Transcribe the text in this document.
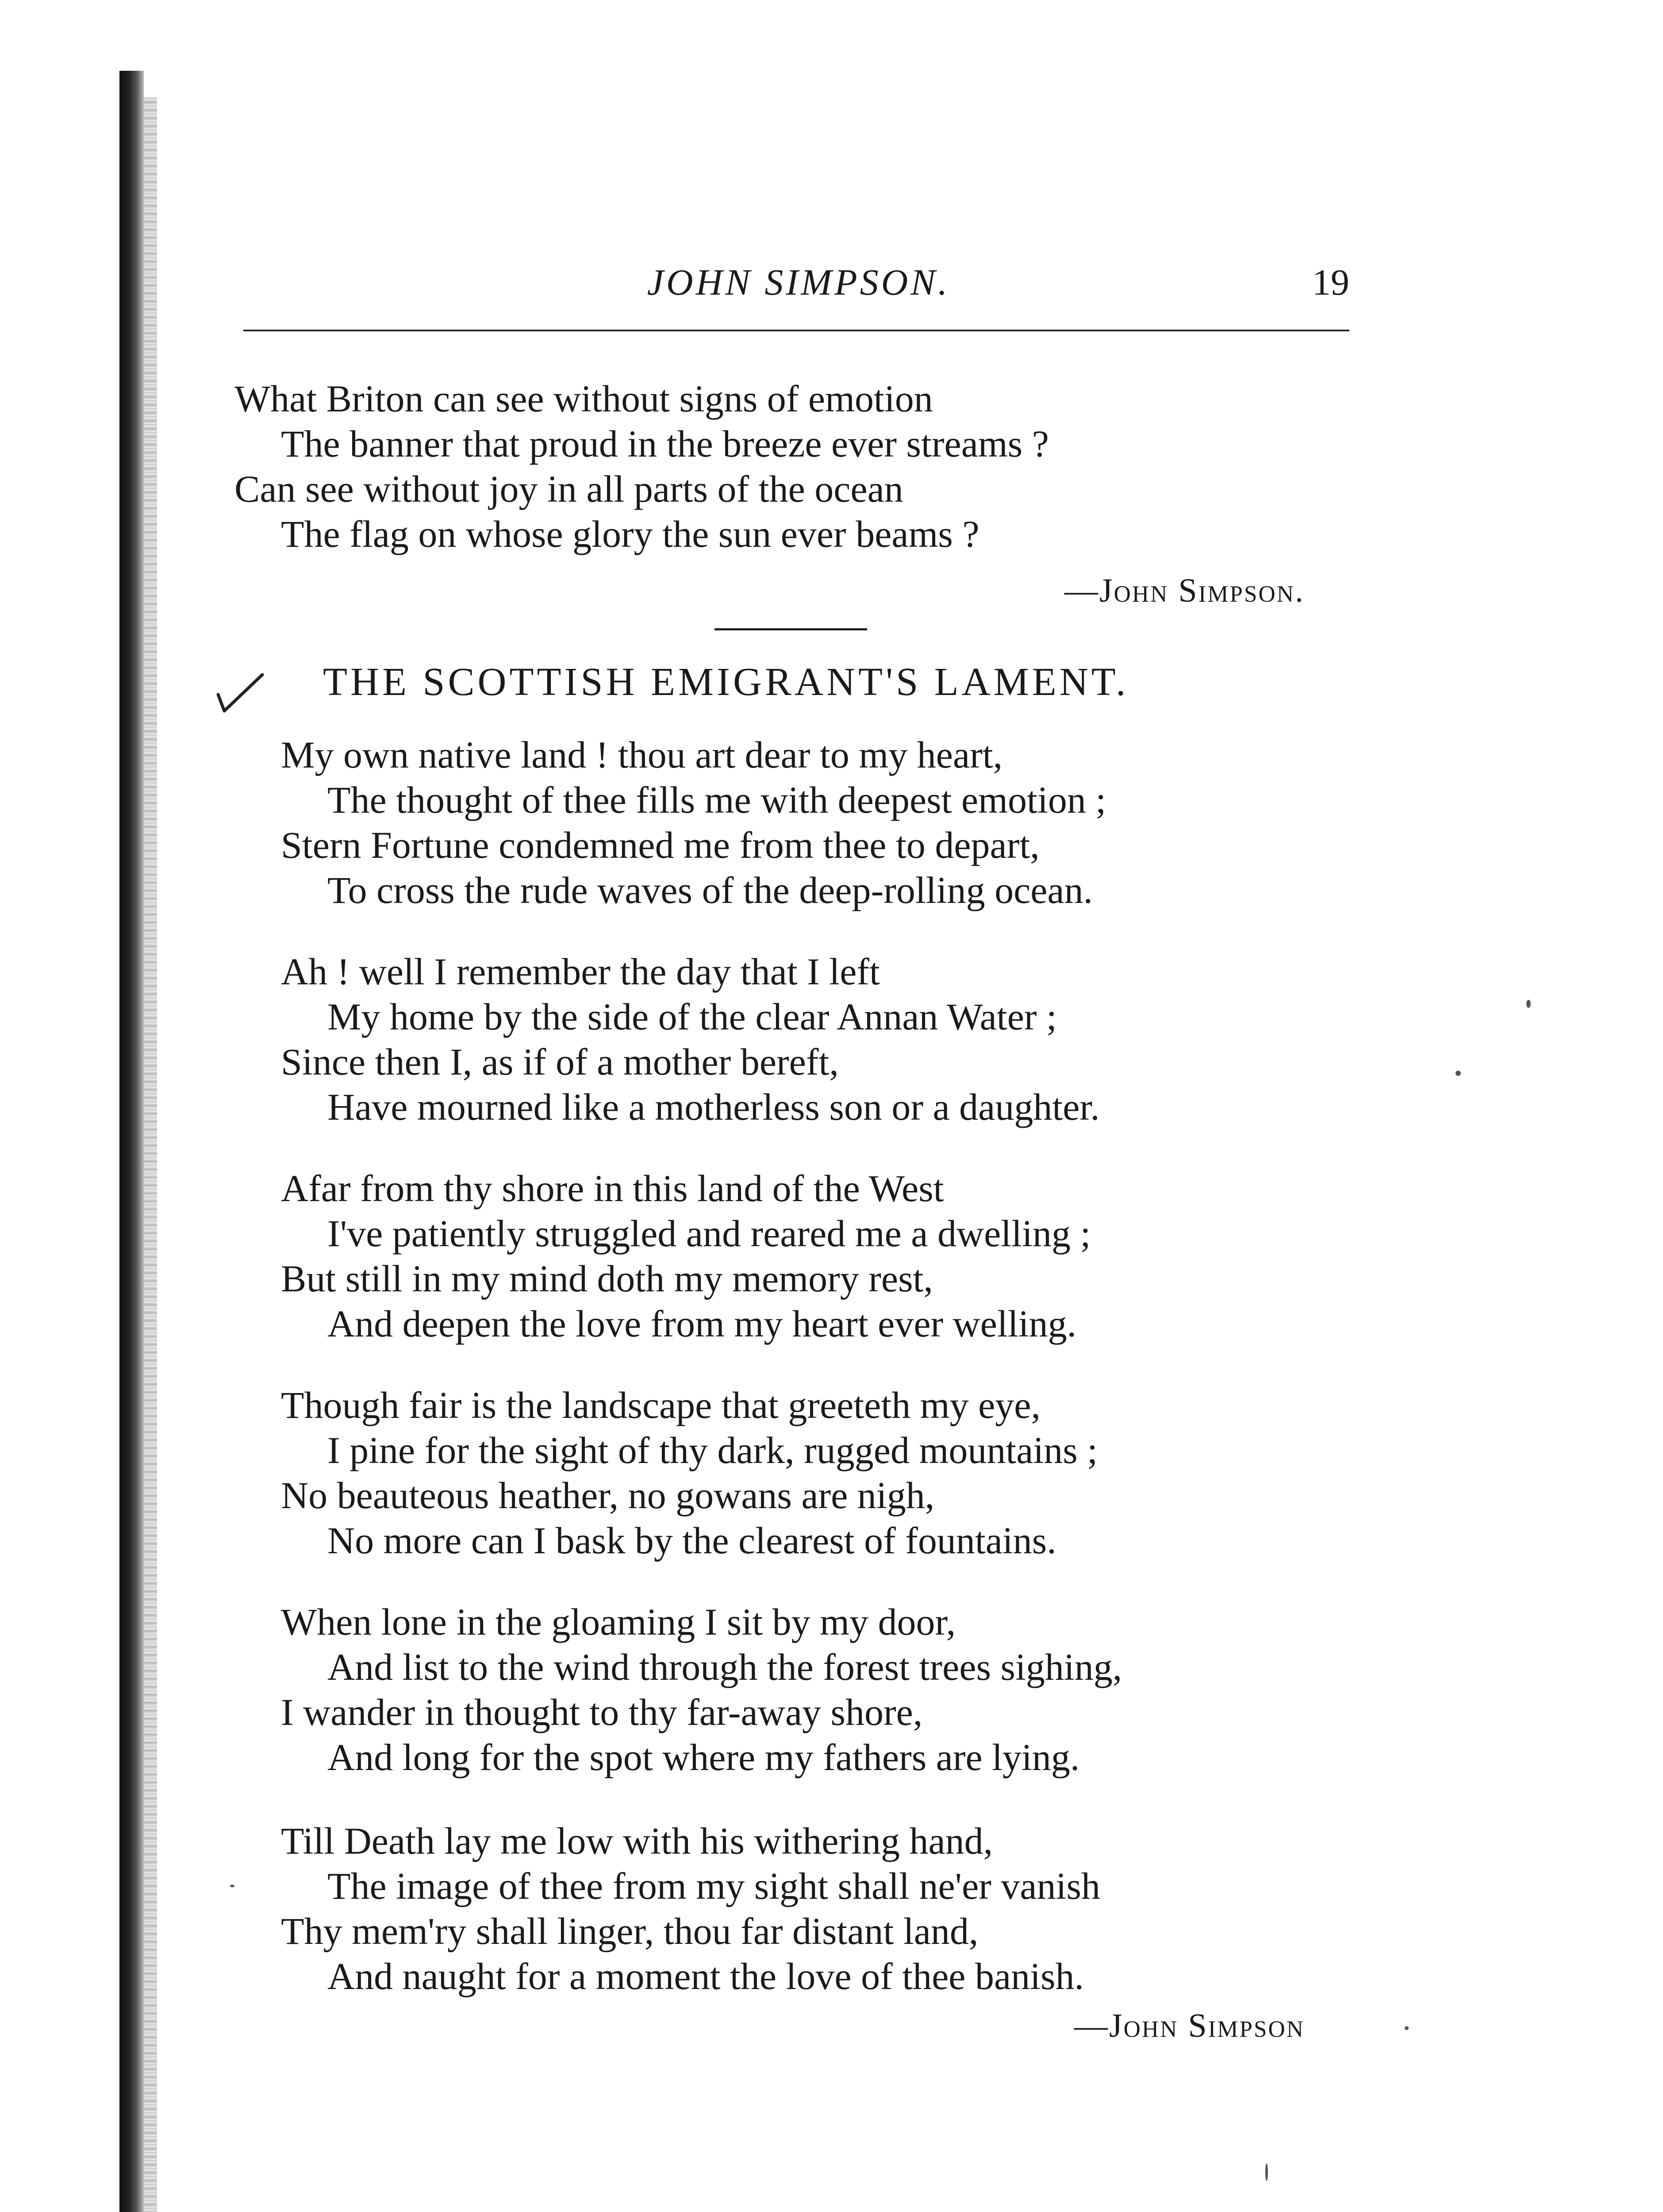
JOHN SIMPSON.	19
What Briton can see without signs of emotion
The banner that proud in the breeze ever streams ?
Can see without joy in all parts of the ocean
The flag on whose glory the sun ever beams ?
—John Simpson.
THE SCOTTISH EMIGRANT'S LAMENT.
My own native land ! thou art dear to my heart,
The thought of thee fills me with deepest emotion ;
Stern Fortune condemned me from thee to depart,
To cross the rude waves of the deep-rolling ocean.
Ah ! well I remember the day that I left
My home by the side of the clear Annan Water ;
Since then I, as if of a mother bereft,
Have mourned like a motherless son or a daughter.
Afar from thy shore in this land of the West
I've patiently struggled and reared me a dwelling ;
But still in my mind doth my memory rest,
And deepen the love from my heart ever welling.
Though fair is the landscape that greeteth my eye,
I pine for the sight of thy dark, rugged mountains ;
No beauteous heather, no gowans are nigh,
No more can I bask by the clearest of fountains.
When lone in the gloaming I sit by my door,
And list to the wind through the forest trees sighing,
I wander in thought to thy far-away shore,
And long for the spot where my fathers are lying.
Till Death lay me low with his withering hand,
The image of thee from my sight shall ne'er vanish
Thy mem'ry shall linger, thou far distant land,
And naught for a moment the love of thee banish.
—John Simpson
